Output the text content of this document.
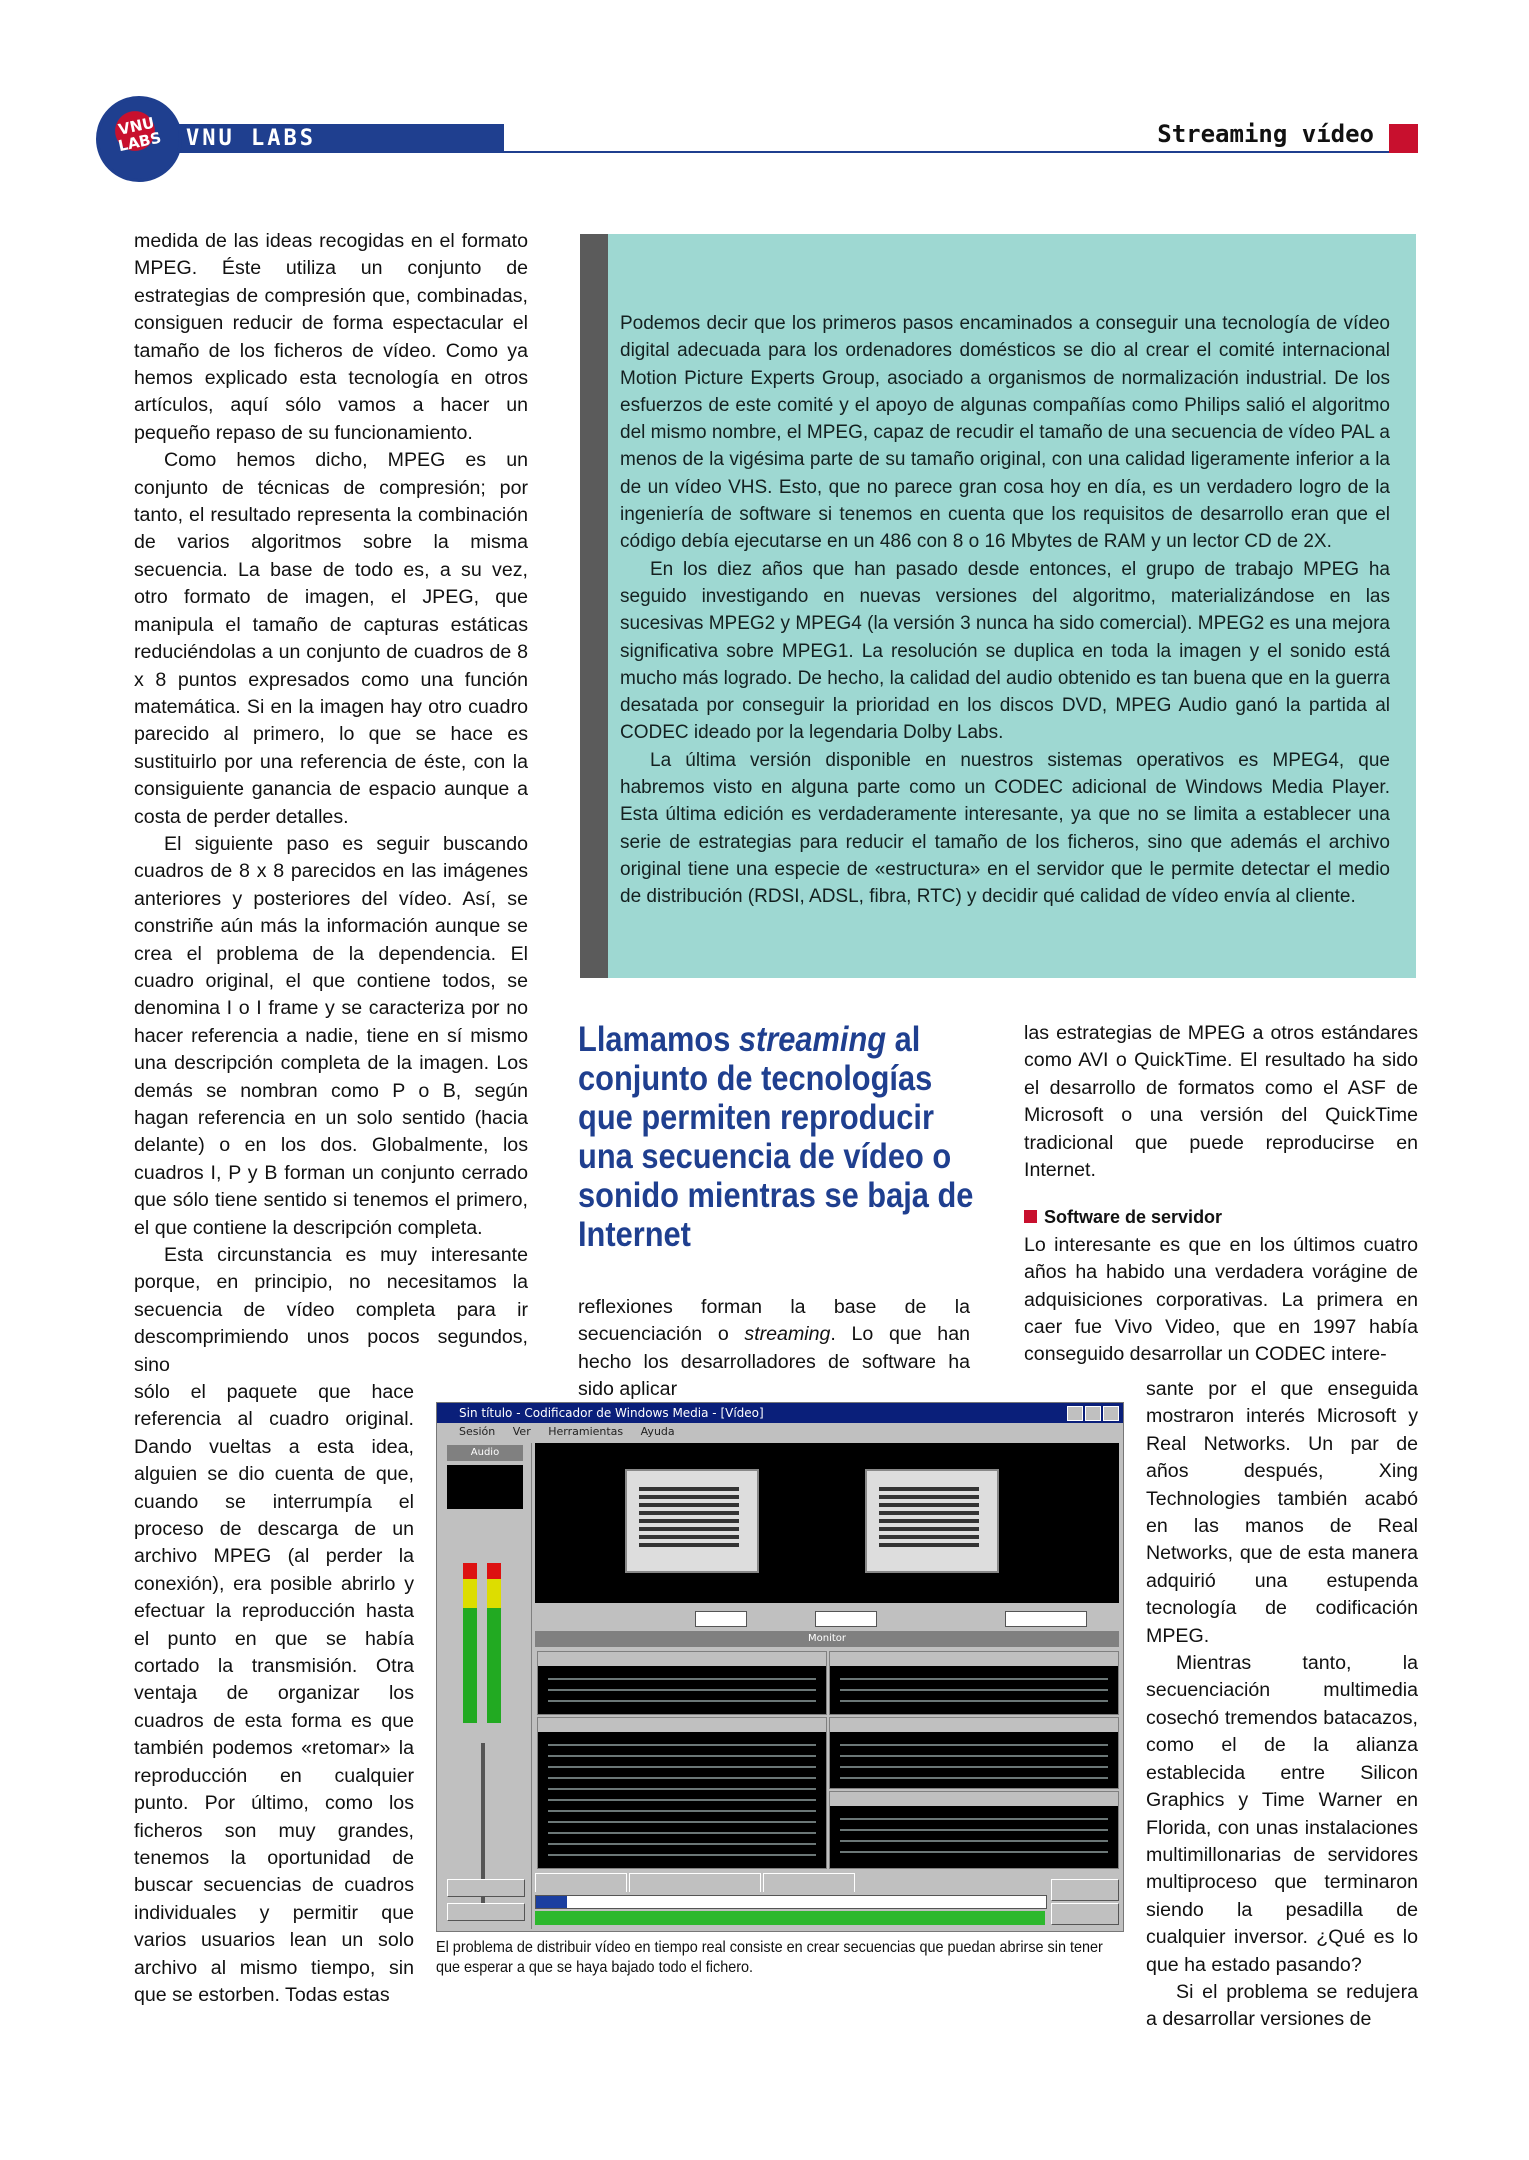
VNU LABS	VNU LABS	Streaming vídeo

medida de las ideas recogidas en el formato MPEG. Éste utiliza un conjunto de estrategias de compresión que, combinadas, consiguen reducir de forma espectacular el tamaño de los ficheros de vídeo. Como ya hemos explicado esta tecnología en otros artículos, aquí sólo vamos a hacer un pequeño repaso de su funcionamiento.

Como hemos dicho, MPEG es un conjunto de técnicas de compresión; por tanto, el resultado representa la combinación de varios algoritmos sobre la misma secuencia. La base de todo es, a su vez, otro formato de imagen, el JPEG, que manipula el tamaño de capturas estáticas reduciéndolas a un conjunto de cuadros de 8 x 8 puntos expresados como una función matemática. Si en la imagen hay otro cuadro parecido al primero, lo que se hace es sustituirlo por una referencia de éste, con la consiguiente ganancia de espacio aunque a costa de perder detalles.

El siguiente paso es seguir buscando cuadros de 8 x 8 parecidos en las imágenes anteriores y posteriores del vídeo. Así, se constriñe aún más la información aunque se crea el problema de la dependencia. El cuadro original, el que contiene todos, se denomina I o I frame y se caracteriza por no hacer referencia a nadie, tiene en sí mismo una descripción completa de la imagen. Los demás se nombran como P o B, según hagan referencia en un solo sentido (hacia delante) o en los dos. Globalmente, los cuadros I, P y B forman un conjunto cerrado que sólo tiene sentido si tenemos el primero, el que contiene la descripción completa.

Esta circunstancia es muy interesante porque, en principio, no necesitamos la secuencia de vídeo completa para ir descomprimiendo unos pocos segundos, sino

sólo el paquete que hace referencia al cuadro original. Dando vueltas a esta idea, alguien se dio cuenta de que, cuando se interrumpía el proceso de descarga de un archivo MPEG (al perder la conexión), era posible abrirlo y efectuar la reproducción hasta el punto en que se había cortado la transmisión. Otra ventaja de organizar los cuadros de esta forma es que también podemos «retomar» la reproducción en cualquier punto. Por último, como los ficheros son muy grandes, tenemos la oportunidad de buscar secuencias de cuadros individuales y permitir que varios usuarios lean un solo archivo al mismo tiempo, sin que se estorben. Todas estas

Podemos decir que los primeros pasos encaminados a conseguir una tecnología de vídeo digital adecuada para los ordenadores domésticos se dio al crear el comité internacional Motion Picture Experts Group, asociado a organismos de normalización industrial. De los esfuerzos de este comité y el apoyo de algunas compañías como Philips salió el algoritmo del mismo nombre, el MPEG, capaz de recudir el tamaño de una secuencia de vídeo PAL a menos de la vigésima parte de su tamaño original, con una calidad ligeramente inferior a la de un vídeo VHS. Esto, que no parece gran cosa hoy en día, es un verdadero logro de la ingeniería de software si tenemos en cuenta que los requisitos de desarrollo eran que el código debía ejecutarse en un 486 con 8 o 16 Mbytes de RAM y un lector CD de 2X.

En los diez años que han pasado desde entonces, el grupo de trabajo MPEG ha seguido investigando en nuevas versiones del algoritmo, materializándose en las sucesivas MPEG2 y MPEG4 (la versión 3 nunca ha sido comercial). MPEG2 es una mejora significativa sobre MPEG1. La resolución se duplica en toda la imagen y el sonido está mucho más logrado. De hecho, la calidad del audio obtenido es tan buena que en la guerra desatada por conseguir la prioridad en los discos DVD, MPEG Audio ganó la partida al CODEC ideado por la legendaria Dolby Labs.

La última versión disponible en nuestros sistemas operativos es MPEG4, que habremos visto en alguna parte como un CODEC adicional de Windows Media Player. Esta última edición es verdaderamente interesante, ya que no se limita a establecer una serie de estrategias para reducir el tamaño de los ficheros, sino que además el archivo original tiene una especie de «estructura» en el servidor que le permite detectar el medio de distribución (RDSI, ADSL, fibra, RTC) y decidir qué calidad de vídeo envía al cliente.

Llamamos streaming al conjunto de tecnologías que permiten reproducir una secuencia de vídeo o sonido mientras se baja de Internet

reflexiones forman la base de la secuenciación o streaming. Lo que han hecho los desarrolladores de software ha sido aplicar

las estrategias de MPEG a otros estándares como AVI o QuickTime. El resultado ha sido el desarrollo de formatos como el ASF de Microsoft o una versión del QuickTime tradicional que puede reproducirse en Internet.

Software de servidor

Lo interesante es que en los últimos cuatro años ha habido una verdadera vorágine de adquisiciones corporativas. La primera en caer fue Vivo Video, que en 1997 había conseguido desarrollar un CODEC intere-

sante por el que enseguida mostraron interés Microsoft y Real Networks. Un par de años después, Xing Technologies también acabó en las manos de Real Networks, que de esta manera adquirió una estupenda tecnología de codificación MPEG.

Mientras tanto, la secuenciación multimedia cosechó tremendos batacazos, como el de la alianza establecida entre Silicon Graphics y Time Warner en Florida, con unas instalaciones multimillonarias de servidores multiproceso que terminaron siendo la pesadilla de cualquier inversor. ¿Qué es lo que ha estado pasando?

Si el problema se redujera a desarrollar versiones de

Sin título - Codificador de Windows Media - [Vídeo]
Sesión Ver Herramientas Ayuda
Audio
Monitor
El problema de distribuir vídeo en tiempo real consiste en crear secuencias que puedan abrirse sin tener que esperar a que se haya bajado todo el fichero.
